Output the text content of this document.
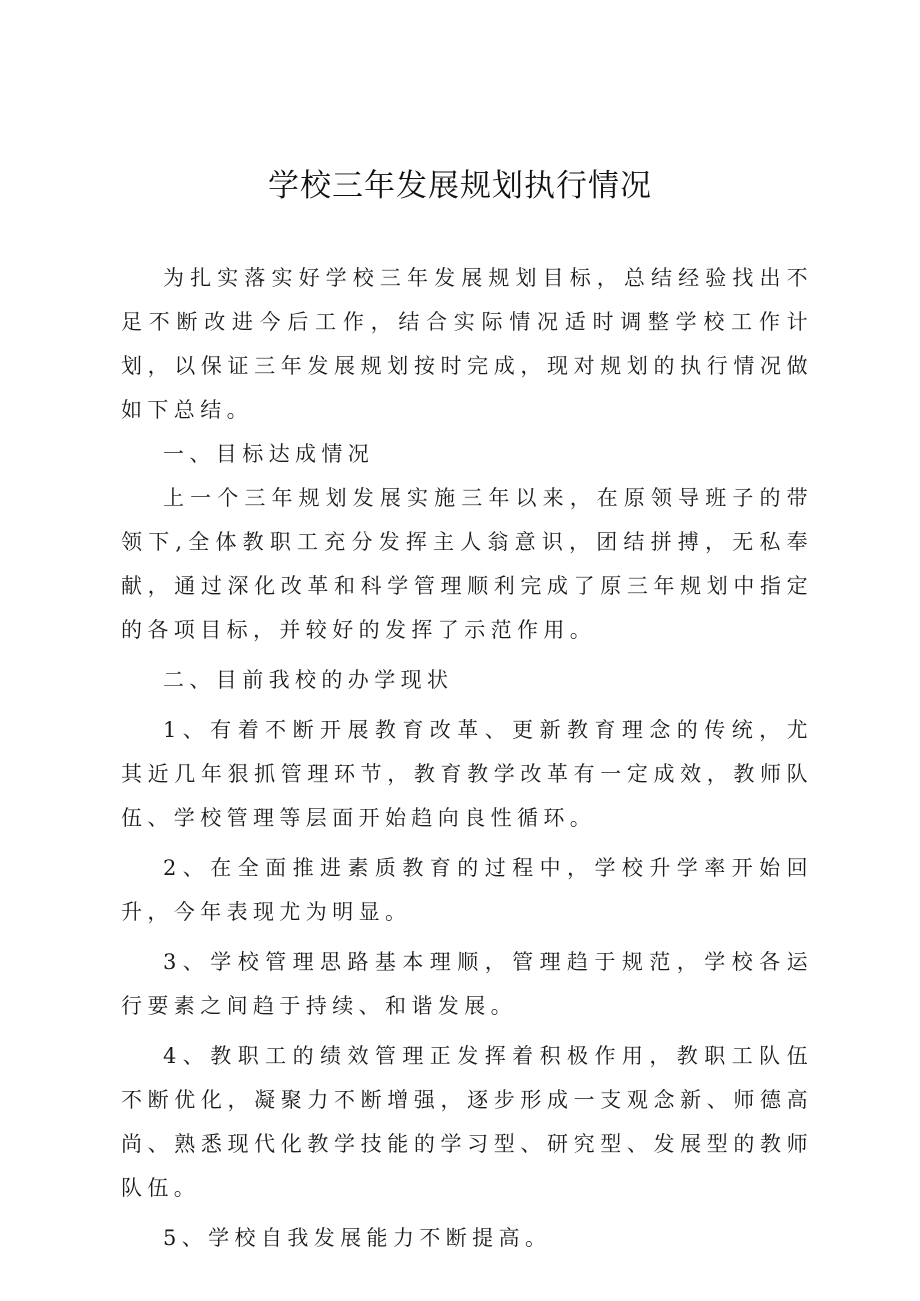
学校三年发展规划执行情况

为扎实落实好学校三年发展规划目标，总结经验找出不足不断改进今后工作，结合实际情况适时调整学校工作计划，以保证三年发展规划按时完成，现对规划的执行情况做如下总结。

一、目标达成情况

上一个三年规划发展实施三年以来，在原领导班子的带领下,全体教职工充分发挥主人翁意识，团结拼搏，无私奉献，通过深化改革和科学管理顺利完成了原三年规划中指定的各项目标，并较好的发挥了示范作用。

二、目前我校的办学现状

1、有着不断开展教育改革、更新教育理念的传统，尤其近几年狠抓管理环节，教育教学改革有一定成效，教师队伍、学校管理等层面开始趋向良性循环。

2、在全面推进素质教育的过程中，学校升学率开始回升，今年表现尤为明显。

3、学校管理思路基本理顺，管理趋于规范，学校各运行要素之间趋于持续、和谐发展。

4、教职工的绩效管理正发挥着积极作用，教职工队伍不断优化，凝聚力不断增强，逐步形成一支观念新、师德高尚、熟悉现代化教学技能的学习型、研究型、发展型的教师队伍。

5、学校自我发展能力不断提高。
